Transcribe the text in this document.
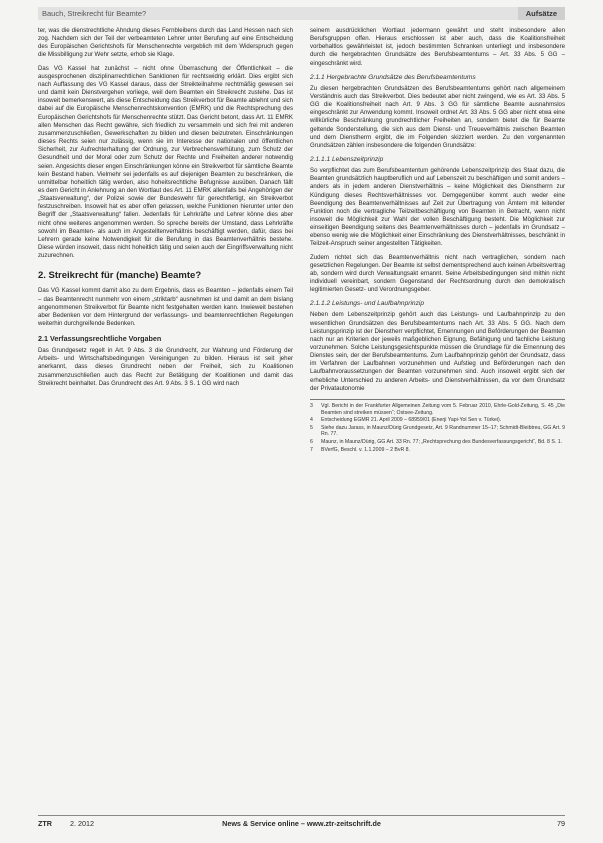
Bauch, Streikrecht für Beamte?	Aufsätze

ter, was die dienstrechtliche Ahndung dieses Fernbleibens durch das Land Hessen nach sich zog. Nachdem sich der Teil der verbeamteten Lehrer unter Berufung auf eine Entscheidung des Europäischen Gerichtshofs für Menschenrechte vergeblich mit dem Widerspruch gegen die Missbilligung zur Wehr setzte, erhob sie Klage.

Das VG Kassel hat zunächst – nicht ohne Überraschung der Öffentlichkeit – die ausgesprochenen disziplinarrechtlichen Sanktionen für rechtswidrig erklärt. Dies ergibt sich nach Auffassung des VG Kassel daraus, dass der Streikteilnahme rechtmäßig gewesen sei und damit kein Dienstvergehen vorliege, weil dem Beamten ein Streikrecht zustehe. Das ist insoweit bemerkenswert, als diese Entscheidung das Streikverbot für Beamte ablehnt und sich dabei auf die Europäische Menschenrechtskonvention (EMRK) und die Rechtsprechung des Europäischen Gerichtshofs für Menschenrechte stützt. Das Gericht betont, dass Art. 11 EMRK allen Menschen das Recht gewähre, sich friedlich zu versammeln und sich frei mit anderen zusammenzuschließen, Gewerkschaften zu bilden und diesen beizutreten. Einschränkungen dieses Rechts seien nur zulässig, wenn sie im Interesse der nationalen und öffentlichen Sicherheit, zur Aufrechterhaltung der Ordnung, zur Verbrechensverhütung, zum Schutz der Gesundheit und der Moral oder zum Schutz der Rechte und Freiheiten anderer notwendig seien. Angesichts dieser engen Einschränkungen könne ein Streikverbot für sämtliche Beamte kein Bestand haben. Vielmehr sei jedenfalls es auf diejenigen Beamten zu beschränken, die unmittelbar hoheitlich tätig werden, also hoheitsrechtliche Befugnisse ausüben. Danach fällt es dem Gericht in Anlehnung an den Wortlaut des Art. 11 EMRK allenfalls bei Angehörigen der „Staatsverwaltung“, der Polizei sowie der Bundeswehr für gerechtfertigt, ein Streikverbot festzuschreiben. Insoweit hat es aber offen gelassen, welche Funktionen hierunter unter den Begriff der „Staatsverwaltung“ fallen. Jedenfalls für Lehrkräfte und Lehrer könne dies aber nicht ohne weiteres angenommen werden. So spreche bereits der Umstand, dass Lehrkräfte sowohl im Beamten- als auch im Angestelltenverhältnis beschäftigt werden, dafür, dass bei Lehrern gerade keine Notwendigkeit für die Berufung in das Beamtenverhältnis bestehe. Diese würden insoweit, dass nicht hoheitlich tätig und seien auch der Eingriffsverwaltung nicht zuzurechnen.

2. Streikrecht für (manche) Beamte?

Das VG Kassel kommt damit also zu dem Ergebnis, dass es Beamten – jedenfalls einem Teil – das Beamtenrecht nunmehr von einem „striktarb“ ausnehmen ist und damit an dem bislang angenommenen Streikverbot für Beamte nicht festgehalten werden kann. Inwieweit bestehen aber Bedenken vor dem Hintergrund der verfassungs- und beamtenrechtlichen Regelungen weiterhin durchgreifende Bedenken.

2.1 Verfassungsrechtliche Vorgaben

Das Grundgesetz regelt in Art. 9 Abs. 3 die Grundrecht, zur Wahrung und Förderung der Arbeits- und Wirtschaftsbedingungen Vereinigungen zu bilden. Hieraus ist seit jeher anerkannt, dass dieses Grundrecht neben der Freiheit, sich zu Koalitionen zusammenzuschließen auch das Recht zur Betätigung der Koalitionen und damit das Streikrecht beinhaltet. Das Grundrecht des Art. 9 Abs. 3 S. 1 GG wird nach

seinem ausdrücklichen Wortlaut jedermann gewährt und steht insbesondere allen Berufsgruppen offen. Hieraus erschlossen ist aber auch, dass die Koalitionsfreiheit vorbehaltlos gewährleistet ist, jedoch bestimmten Schranken unterliegt und insbesondere durch die hergebrachten Grundsätze des Berufsbeamtentums – Art. 33 Abs. 5 GG – eingeschränkt wird.

2.1.1 Hergebrachte Grundsätze des Berufsbeamtentums

Zu diesen hergebrachten Grundsätzen des Berufsbeamtentums gehört nach allgemeinem Verständnis auch das Streikverbot. Dies bedeutet aber nicht zwingend, wie es Art. 33 Abs. 5 GG die Koalitionsfreiheit nach Art. 9 Abs. 3 GG für sämtliche Beamte ausnahmslos eingeschränkt zur Anwendung kommt. Insoweit ordnet Art. 33 Abs. 5 GG aber nicht etwa eine willkürliche Beschränkung grundrechtlicher Freiheiten an, sondern bietet die für Beamte geltende Sonderstellung, die sich aus dem Dienst- und Treueverhältnis zwischen Beamten und dem Dienstherrn ergibt, die im Folgenden skizziert werden. Zu den vorgenannten Grundsätzen zählen insbesondere die folgenden Grundsätze:

2.1.1.1 Lebenszeitprinzip

So verpflichtet das zum Berufsbeamtentum gehörende Lebenszeitprinzip des Staat dazu, die Beamten grundsätzlich hauptberuflich und auf Lebenszeit zu beschäftigen und somit anders – anders als in jedem anderen Dienstverhältnis – keine Möglichkeit des Dienstherrn zur Kündigung dieses Rechtsverhältnisses vor. Demgegenüber kommt auch weder eine Beendigung des Beamtenverhältnisses auf Zeit zur Übertragung von Ämtern mit leitender Funktion noch die vertragliche Teilzeitbeschäftigung von Beamten in Betracht, wenn nicht insoweit die Möglichkeit zur Wahl der vollen Beschäftigung besteht. Die Möglichkeit zur einseitigen Beendigung seitens des Beamtenverhältnisses durch – jedenfalls im Grundsatz – ebenso wenig wie die Möglichkeit einer Einschränkung des Dienstverhältnisses, beschränkt in Teilzeit-Anspruch seiner angestellten Tätigkeiten.

Zudem richtet sich das Beamtenverhältnis nicht nach vertraglichen, sondern nach gesetzlichen Regelungen. Der Beamte ist selbst dementsprechend auch keinen Arbeitsvertrag ab, sondern wird durch Verwaltungsakt ernannt. Seine Arbeitsbedingungen sind mithin nicht individuell vereinbart, sondern Gegenstand der Rechtsordnung durch den demokratisch legitimierten Gesetz- und Verordnungsgeber.

2.1.1.2 Leistungs- und Laufbahnprinzip

Neben dem Lebenszeitprinzip gehört auch das Leistungs- und Laufbahnprinzip zu den wesentlichen Grundsätzen des Berufsbeamtentums nach Art. 33 Abs. 5 GG. Nach dem Leistungsprinzip ist der Dienstherr verpflichtet, Ernennungen und Beförderungen der Beamten nach nur an Kriterien der jeweils maßgeblichen Eignung, Befähigung und fachliche Leistung vorzunehmen. Solche Leistungsgesichtspunkte müssen die Grundlage für die Ernennung des Dienstes sein, der der Berufsbeamtentums. Zum Laufbahnprinzip gehört der Grundsatz, dass im Verfahren der Laufbahnen vorzunehmen und Aufstieg und Beförderungen nach den Laufbahnvoraussetzungen der Beamten vorzunehmen sind. Auch insoweit ergibt sich der erhebliche Unterschied zu anderen Arbeits- und Dienstverhältnissen, da vor dem Grundsatz der Privatautonomie

3	Vgl. Bericht in der Frankfurter Allgemeinen Zeitung vom 5. Februar 2010, Ehrle-Gold-Zeitung, S. 45 „Die Beamten sind streiken müssen“; Ostsee-Zeitung.
4	Entscheidung EGMR 21. April 2009 – 68959/01 (Enerji Yapi-Yol Sen v. Türkei).
5	Siehe dazu Jarass, in Maunz/Dürig Grundgesetz, Art. 9 Randnummer 15–17; Schmidt-Bleibtreu, GG Art. 9 Rn. 77.
6	Maunz, in Maunz/Dürig, GG Art. 33 Rn. 77; „Rechtsprechung des Bundesverfassungsgericht“, Bd. 8 S. 1.
7	BVerfG, Beschl. v. 1.1.2009 – 2 BvR 8.
ZTR	2. 2012	News & Service online – www.ztr-zeitschrift.de	79
